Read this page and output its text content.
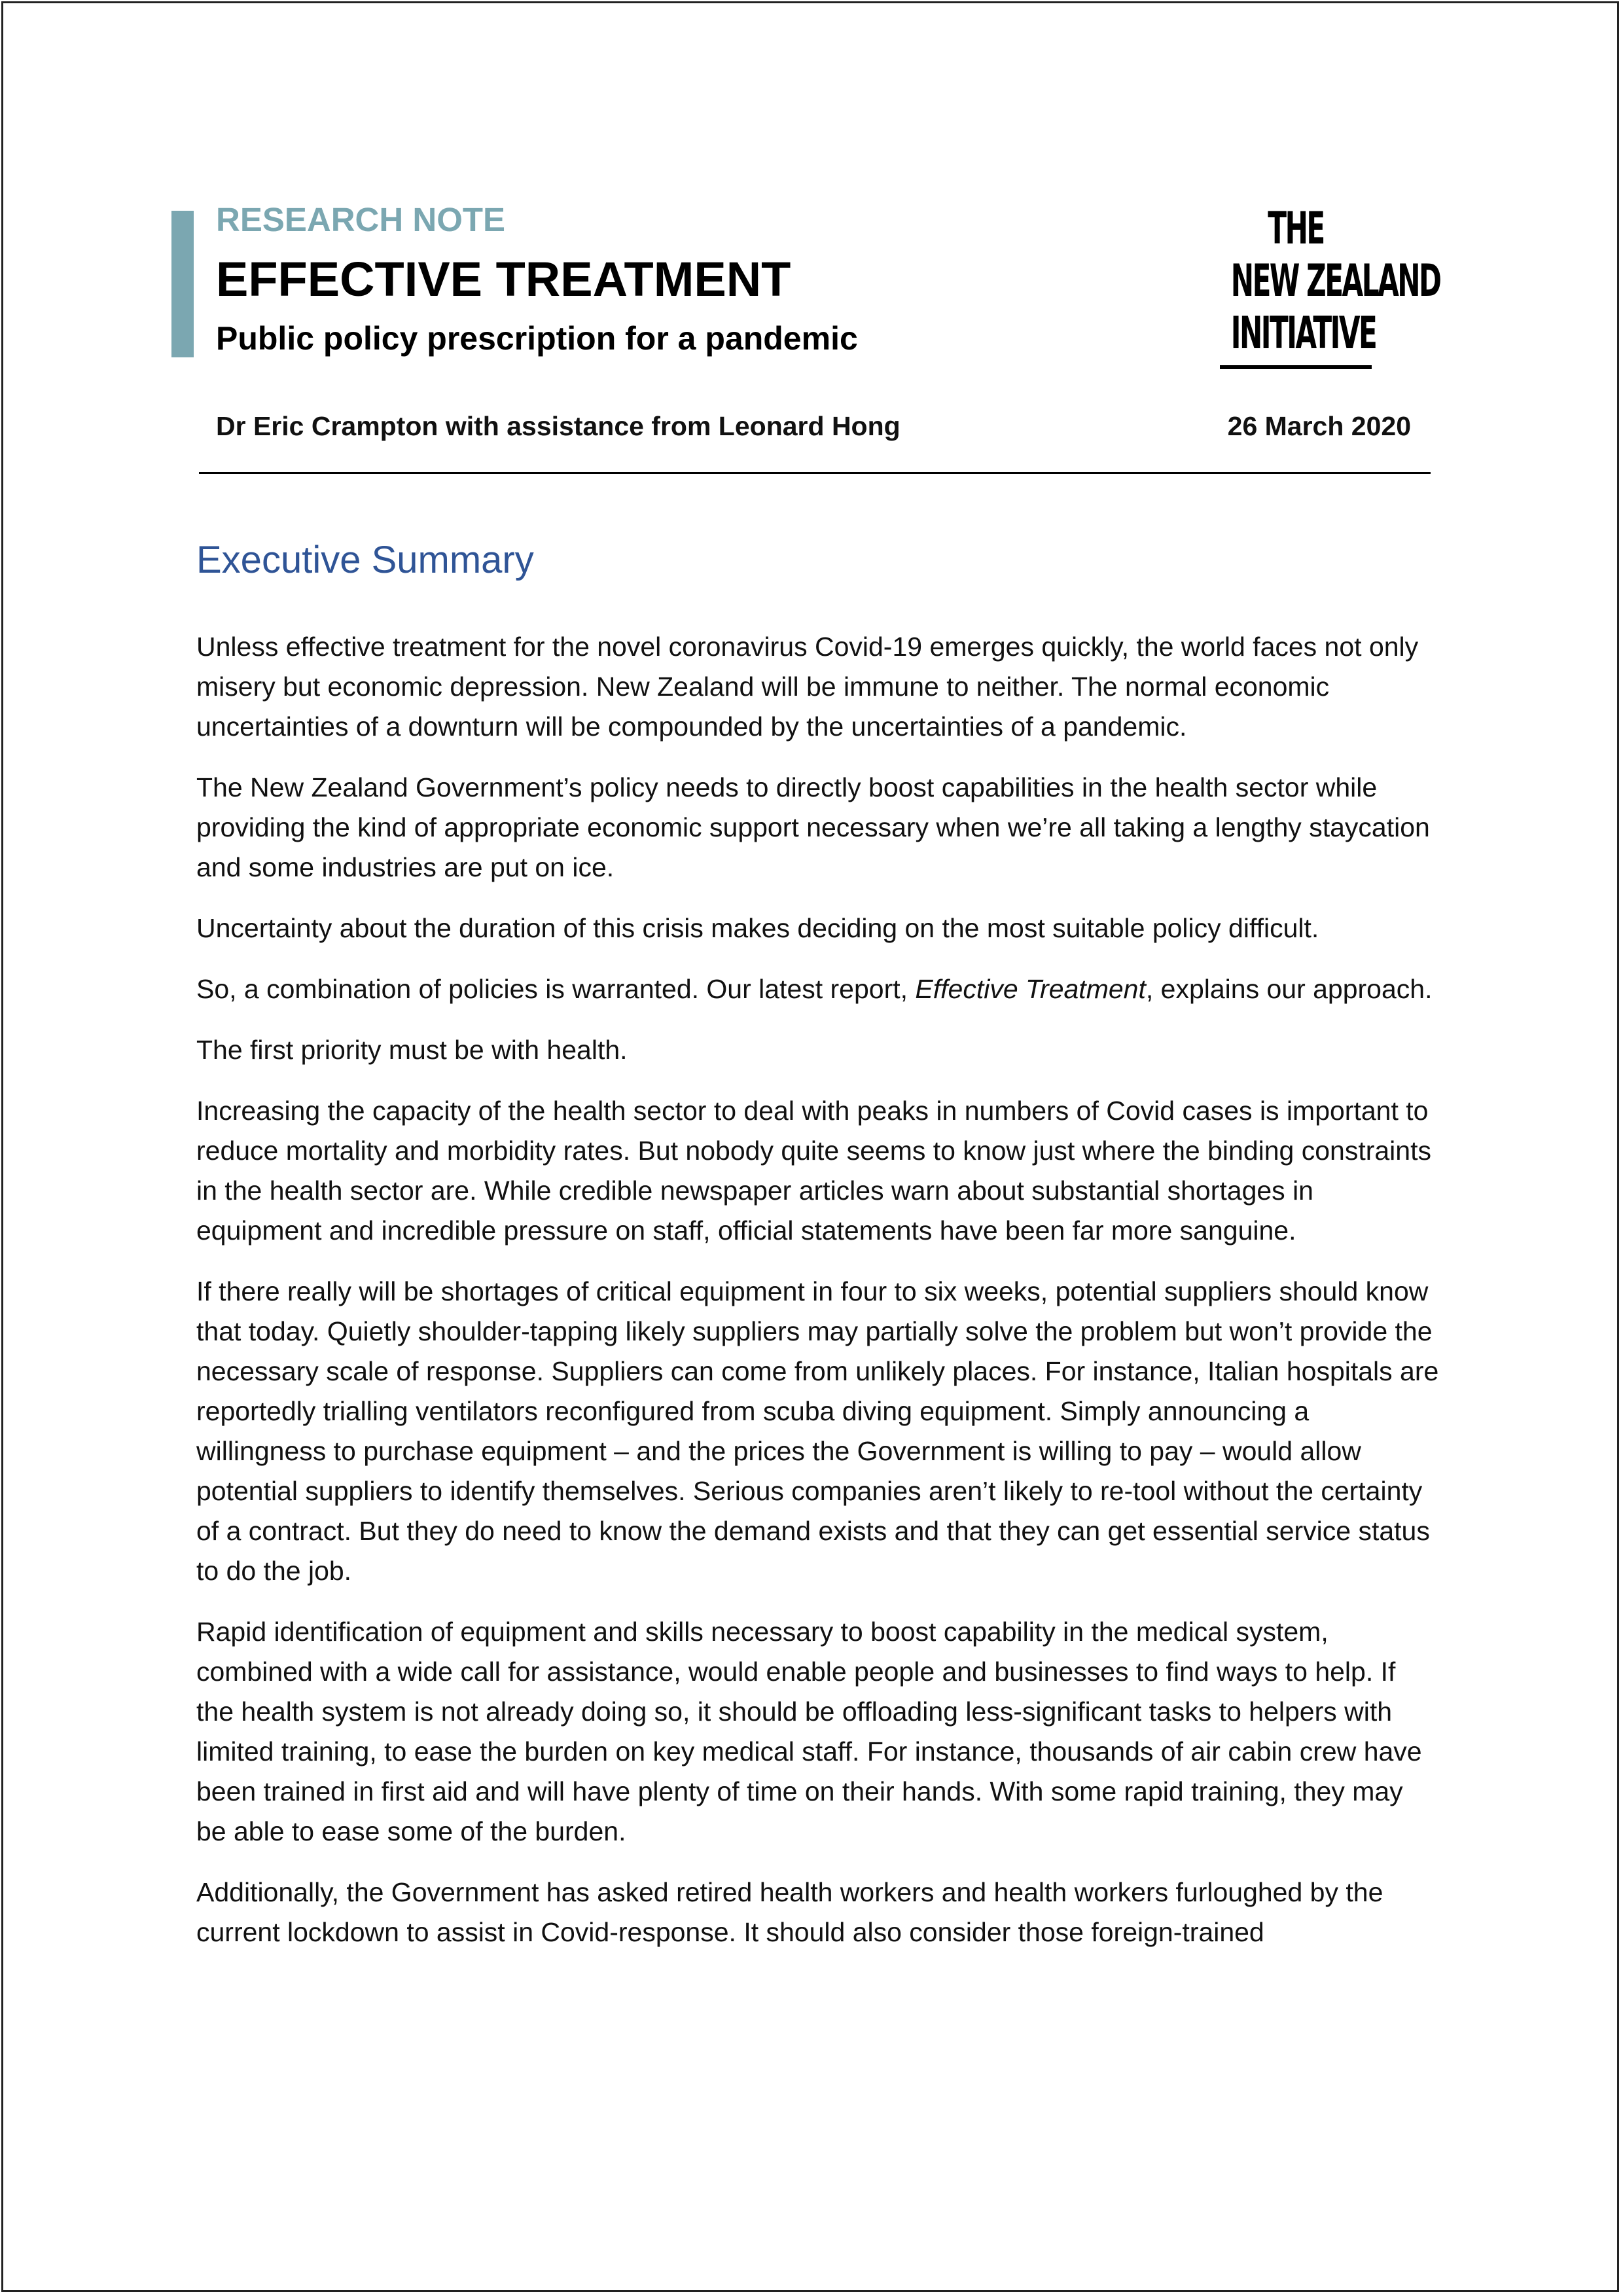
RESEARCH NOTE
EFFECTIVE TREATMENT
Public policy prescription for a pandemic
THE
NEW ZEALAND
INITIATIVE
Dr Eric Crampton with assistance from Leonard Hong	26 March 2020
Executive Summary

Unless effective treatment for the novel coronavirus Covid-19 emerges quickly, the world faces not only misery but economic depression. New Zealand will be immune to neither. The normal economic uncertainties of a downturn will be compounded by the uncertainties of a pandemic.

The New Zealand Government’s policy needs to directly boost capabilities in the health sector while providing the kind of appropriate economic support necessary when we’re all taking a lengthy staycation and some industries are put on ice.

Uncertainty about the duration of this crisis makes deciding on the most suitable policy difficult.

So, a combination of policies is warranted. Our latest report, Effective Treatment, explains our approach.

The first priority must be with health.

Increasing the capacity of the health sector to deal with peaks in numbers of Covid cases is important to reduce mortality and morbidity rates. But nobody quite seems to know just where the binding constraints in the health sector are. While credible newspaper articles warn about substantial shortages in equipment and incredible pressure on staff, official statements have been far more sanguine.

If there really will be shortages of critical equipment in four to six weeks, potential suppliers should know that today. Quietly shoulder-tapping likely suppliers may partially solve the problem but won’t provide the necessary scale of response. Suppliers can come from unlikely places. For instance, Italian hospitals are reportedly trialling ventilators reconfigured from scuba diving equipment. Simply announcing a willingness to purchase equipment – and the prices the Government is willing to pay – would allow potential suppliers to identify themselves. Serious companies aren’t likely to re-tool without the certainty of a contract. But they do need to know the demand exists and that they can get essential service status to do the job.

Rapid identification of equipment and skills necessary to boost capability in the medical system, combined with a wide call for assistance, would enable people and businesses to find ways to help. If the health system is not already doing so, it should be offloading less-significant tasks to helpers with limited training, to ease the burden on key medical staff. For instance, thousands of air cabin crew have been trained in first aid and will have plenty of time on their hands. With some rapid training, they may be able to ease some of the burden.

Additionally, the Government has asked retired health workers and health workers furloughed by the current lockdown to assist in Covid-response. It should also consider those foreign-trained
